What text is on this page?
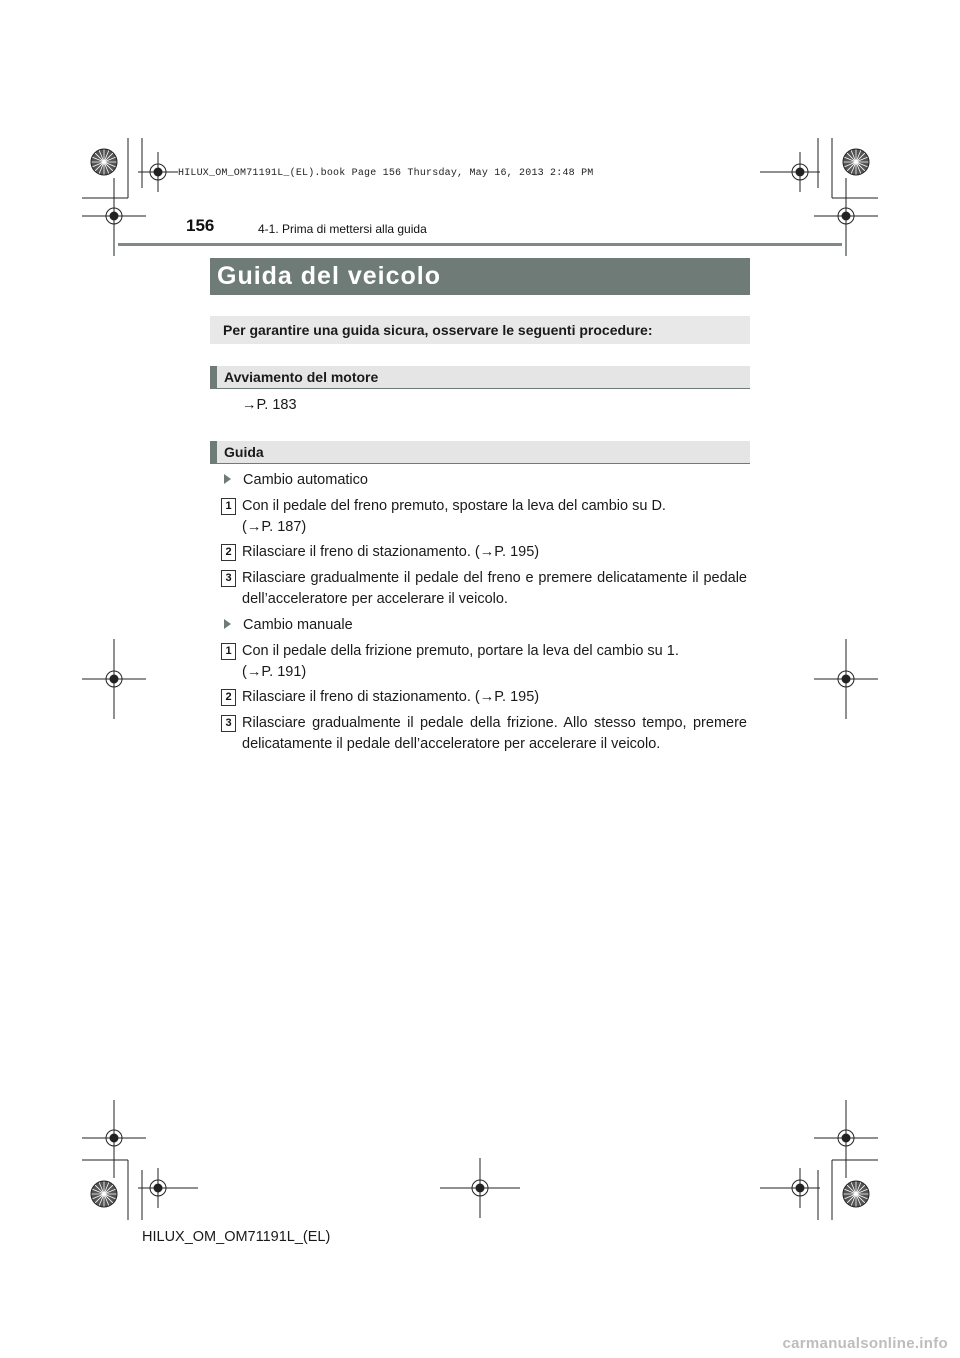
HILUX_OM_OM71191L_(EL).book Page 156 Thursday, May 16, 2013 2:48 PM
156	4-1. Prima di mettersi alla guida
Guida del veicolo
Per garantire una guida sicura, osservare le seguenti procedure:
Avviamento del motore
→P. 183
Guida
Cambio automatico
1 Con il pedale del freno premuto, spostare la leva del cambio su D.
(→P. 187)
2 Rilasciare il freno di stazionamento. (→P. 195)
3 Rilasciare gradualmente il pedale del freno e premere delicatamente il pedale dell’acceleratore per accelerare il veicolo.
Cambio manuale
1 Con il pedale della frizione premuto, portare la leva del cambio su 1.
(→P. 191)
2 Rilasciare il freno di stazionamento. (→P. 195)
3 Rilasciare gradualmente il pedale della frizione. Allo stesso tempo, premere delicatamente il pedale dell’acceleratore per accelerare il veicolo.
HILUX_OM_OM71191L_(EL)
carmanualsonline.info
